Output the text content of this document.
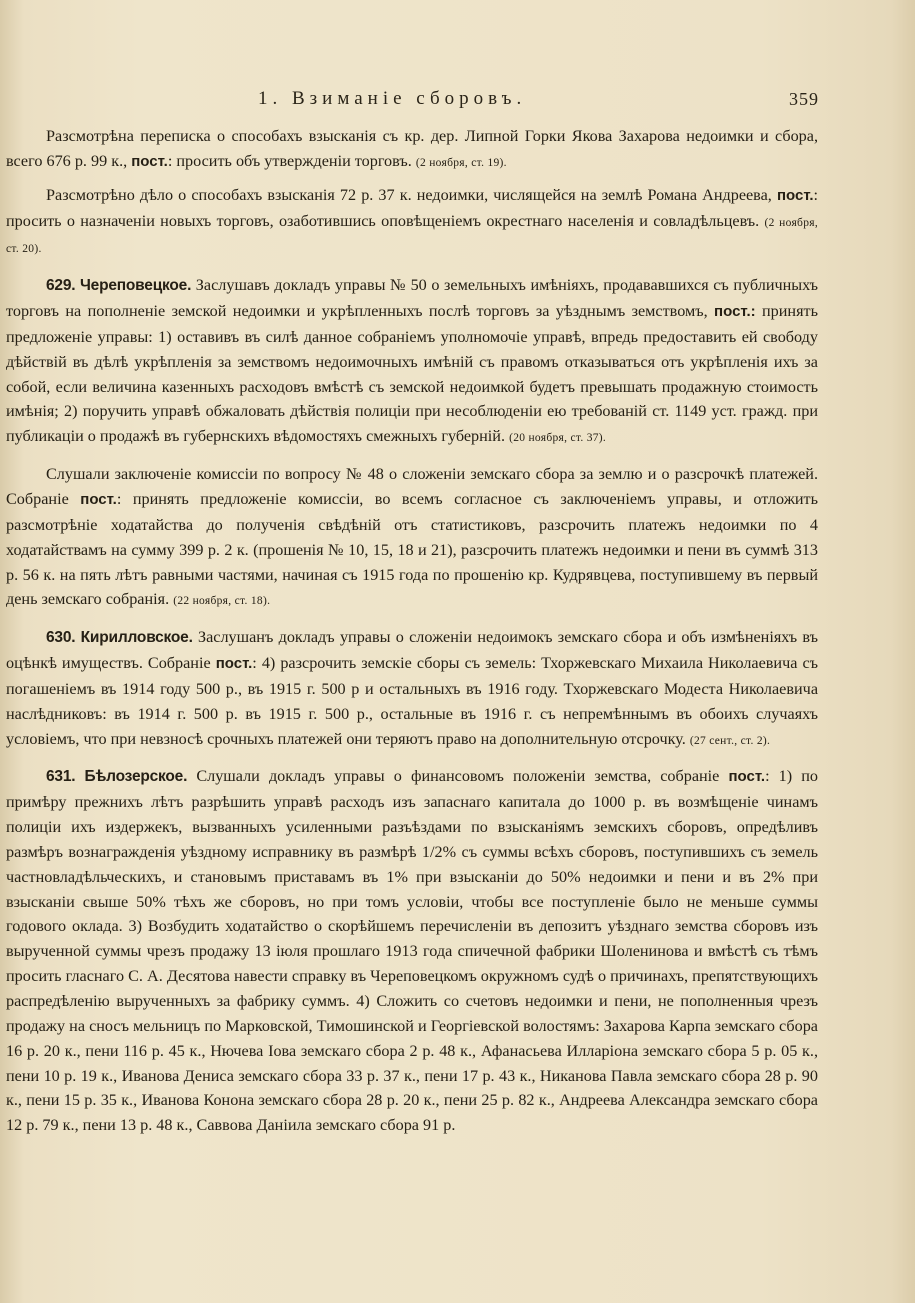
1. Взиманіе сборовъ.	359

Разсмотрѣна переписка о способахъ взысканія съ кр. дер. Липной Горки Якова Захарова недоимки и сбора, всего 676 р. 99 к., пост.: просить объ утвержденіи торговъ. (2 ноября, ст. 19).

Разсмотрѣно дѣло о способахъ взысканія 72 р. 37 к. недоимки, числящейся на землѣ Романа Андреева, пост.: просить о назначеніи новыхъ торговъ, озаботившись оповѣщеніемъ окрестнаго населенія и совладѣльцевъ. (2 ноября, ст. 20).

629. Череповецкое. Заслушавъ докладъ управы № 50 о земельныхъ имѣніяхъ, продававшихся съ публичныхъ торговъ на пополненіе земской недоимки и укрѣпленныхъ послѣ торговъ за уѣзднымъ земствомъ, пост.: принять предложеніе управы: 1) оставивъ въ силѣ данное собраніемъ уполномочіе управѣ, впредь предоставить ей свободу дѣйствій въ дѣлѣ укрѣпленія за земствомъ недоимочныхъ имѣній съ правомъ отказываться отъ укрѣпленія ихъ за собой, если величина казенныхъ расходовъ вмѣстѣ съ земской недоимкой будетъ превышать продажную стоимость имѣнія; 2) поручить управѣ обжаловать дѣйствія полиціи при несоблюденіи ею требованій ст. 1149 уст. гражд. при публикаціи о продажѣ въ губернскихъ вѣдомостяхъ смежныхъ губерній. (20 ноября, ст. 37).

Слушали заключеніе комиссіи по вопросу № 48 о сложеніи земскаго сбора за землю и о разсрочкѣ платежей. Собраніе пост.: принять предложеніе комиссіи, во всемъ согласное съ заключеніемъ управы, и отложить разсмотрѣніе ходатайства до полученія свѣдѣній отъ статистиковъ, разсрочить платежъ недоимки по 4 ходатайствамъ на сумму 399 р. 2 к. (прошенія № 10, 15, 18 и 21), разсрочить платежъ недоимки и пени въ суммѣ 313 р. 56 к. на пять лѣтъ равными частями, начиная съ 1915 года по прошенію кр. Кудрявцева, поступившему въ первый день земскаго собранія. (22 ноября, ст. 18).

630. Кирилловское. Заслушанъ докладъ управы о сложеніи недоимокъ земскаго сбора и объ измѣненіяхъ въ оцѣнкѣ имуществъ. Собраніе пост.: 4) разсрочить земскіе сборы съ земель: Тхоржевскаго Михаила Николаевича съ погашеніемъ въ 1914 году 500 р., въ 1915 г. 500 р и остальныхъ въ 1916 году. Тхоржевскаго Модеста Николаевича наслѣдниковъ: въ 1914 г. 500 р. въ 1915 г. 500 р., остальные въ 1916 г. съ непремѣннымъ въ обоихъ случаяхъ условіемъ, что при невзносѣ срочныхъ платежей они теряютъ право на дополнительную отсрочку. (27 сент., ст. 2).

631. Бѣлозерское. Слушали докладъ управы о финансовомъ положеніи земства, собраніе пост.: 1) по примѣру прежнихъ лѣтъ разрѣшить управѣ расходъ изъ запаснаго капитала до 1000 р. въ возмѣщеніе чинамъ полиціи ихъ издержекъ, вызванныхъ усиленными разъѣздами по взысканіямъ земскихъ сборовъ, опредѣливъ размѣръ вознагражденія уѣздному исправнику въ размѣрѣ 1/2% съ суммы всѣхъ сборовъ, поступившихъ съ земель частновладѣльческихъ, и становымъ приставамъ въ 1% при взысканіи до 50% недоимки и пени и въ 2% при взысканіи свыше 50% тѣхъ же сборовъ, но при томъ условіи, чтобы все поступленіе было не меньше суммы годового оклада. 3) Возбудить ходатайство о скорѣйшемъ перечисленіи въ депозитъ уѣзднаго земства сборовъ изъ вырученной суммы чрезъ продажу 13 іюля прошлаго 1913 года спичечной фабрики Шоленинова и вмѣстѣ съ тѣмъ просить гласнаго С. А. Десятова навести справку въ Череповецкомъ окружномъ судѣ о причинахъ, препятствующихъ распредѣленію вырученныхъ за фабрику суммъ. 4) Сложить со счетовъ недоимки и пени, не пополненныя чрезъ продажу на сносъ мельницъ по Марковской, Тимошинской и Георгіевской волостямъ: Захарова Карпа земскаго сбора 16 р. 20 к., пени 116 р. 45 к., Нючева Іова земскаго сбора 2 р. 48 к., Афанасьева Илларіона земскаго сбора 5 р. 05 к., пени 10 р. 19 к., Иванова Дениса земскаго сбора 33 р. 37 к., пени 17 р. 43 к., Никанова Павла земскаго сбора 28 р. 90 к., пени 15 р. 35 к., Иванова Конона земскаго сбора 28 р. 20 к., пени 25 р. 82 к., Андреева Александра земскаго сбора 12 р. 79 к., пени 13 р. 48 к., Саввова Данiила земскаго сбора 91 р.
